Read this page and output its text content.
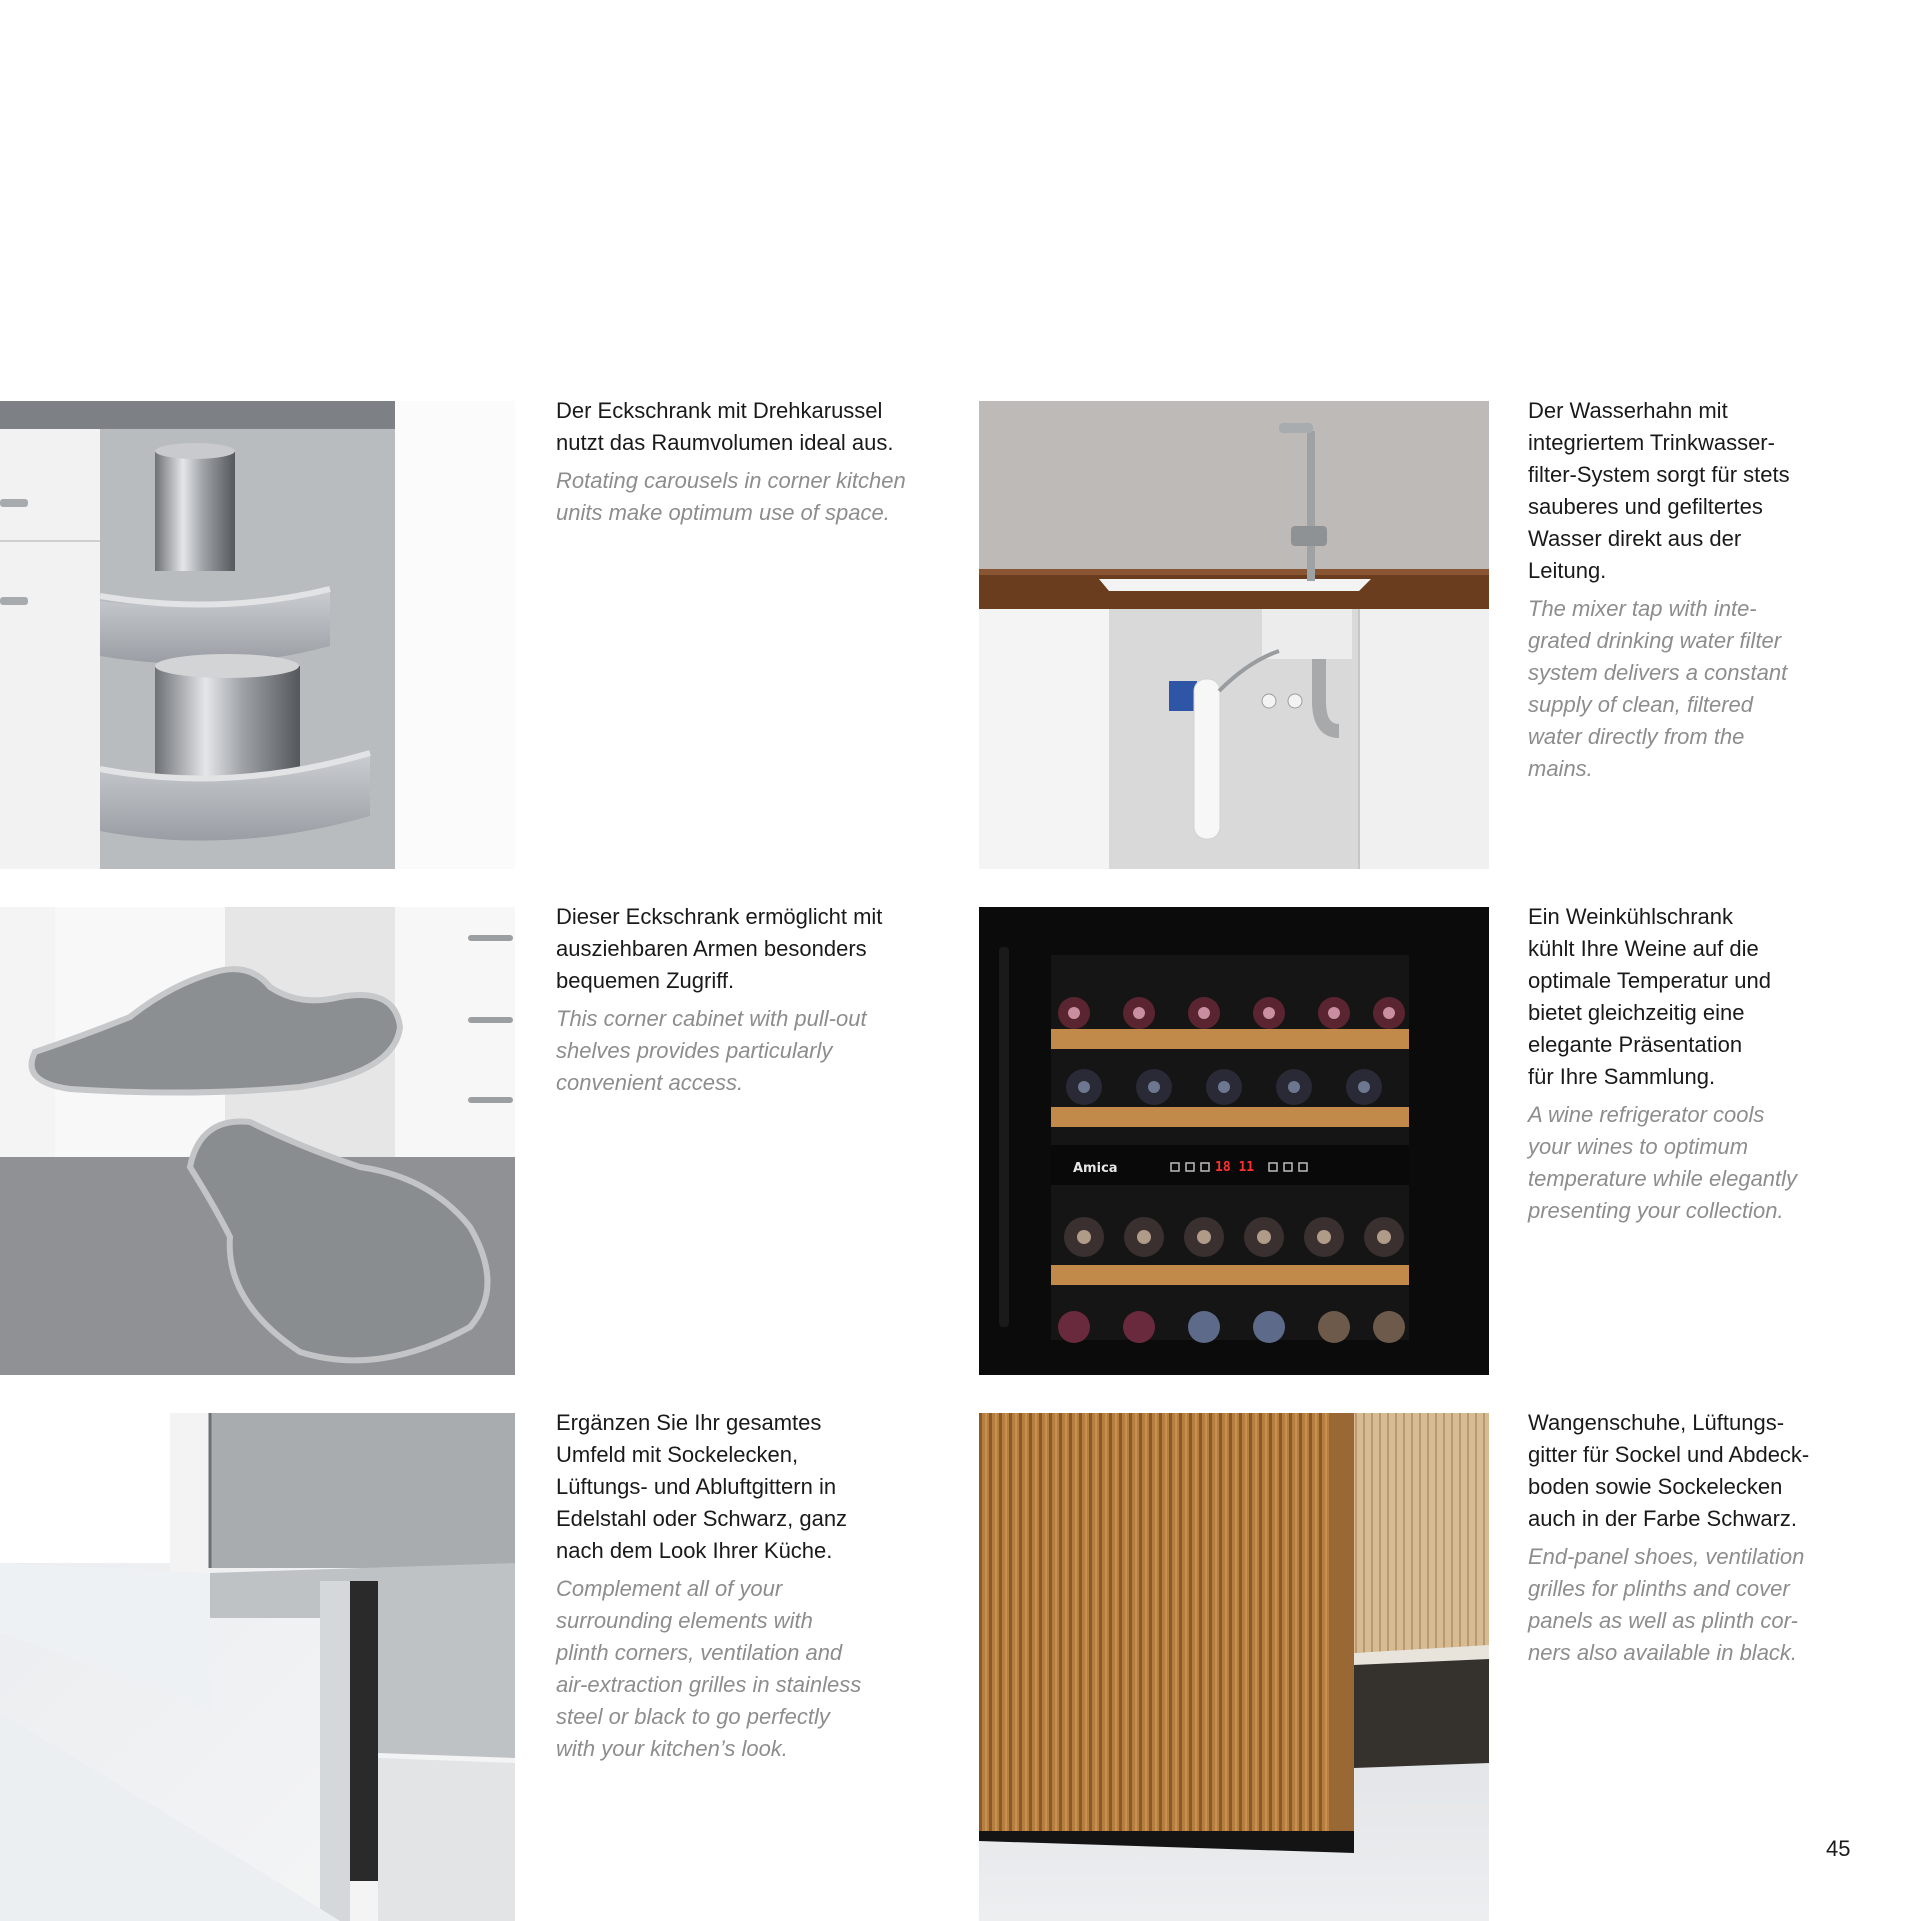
Der Eckschrank mit Drehkarussel
nutzt das Raumvolumen ideal aus.

Rotating carousels in corner kitchen
units make optimum use of space.

Der Wasserhahn mit
integriertem Trinkwasser-
filter-System sorgt für stets
sauberes und gefiltertes
Wasser direkt aus der
Leitung.

The mixer tap with inte-
grated drinking water filter
system delivers a constant
supply of clean, filtered
water directly from the
mains.

Dieser Eckschrank ermöglicht mit
ausziehbaren Armen besonders
bequemen Zugriff.

This corner cabinet with pull-out
shelves provides particularly
convenient access.

Amica	18 11

Ein Weinkühlschrank
kühlt Ihre Weine auf die
optimale Temperatur und
bietet gleichzeitig eine
elegante Präsentation
für Ihre Sammlung.

A wine refrigerator cools
your wines to optimum
temperature while elegantly
presenting your collection.

Ergänzen Sie Ihr gesamtes
Umfeld mit Sockelecken,
Lüftungs- und Abluftgittern in
Edelstahl oder Schwarz, ganz
nach dem Look Ihrer Küche.

Complement all of your
surrounding elements with
plinth corners, ventilation and
air-extraction grilles in stainless
steel or black to go perfectly
with your kitchen’s look.

Wangenschuhe, Lüftungs-
gitter für Sockel und Abdeck-
boden sowie Sockelecken
auch in der Farbe Schwarz.

End-panel shoes, ventilation
grilles for plinths and cover
panels as well as plinth cor-
ners also available in black.

45
